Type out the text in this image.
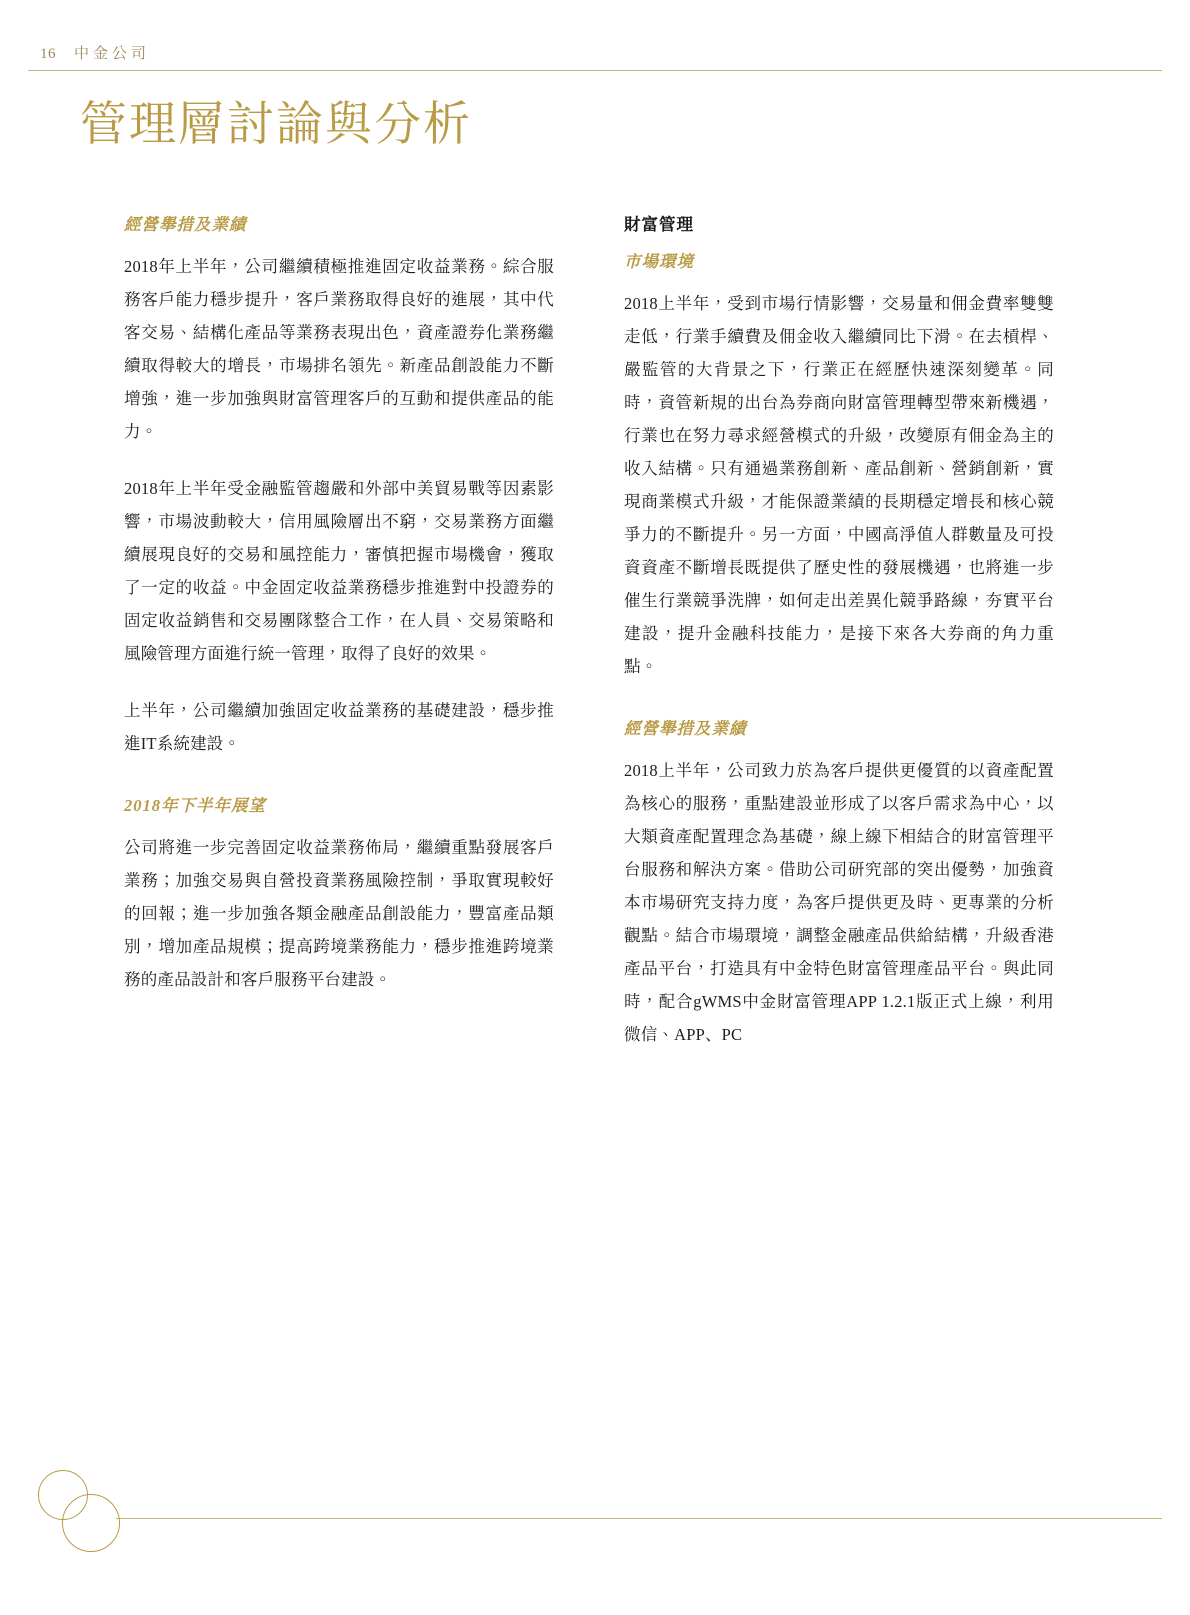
16 中金公司
管理層討論與分析
經營舉措及業績

2018年上半年，公司繼續積極推進固定收益業務。綜合服務客戶能力穩步提升，客戶業務取得良好的進展，其中代客交易、結構化產品等業務表現出色，資產證券化業務繼續取得較大的增長，市場排名領先。新產品創設能力不斷增強，進一步加強與財富管理客戶的互動和提供產品的能力。

2018年上半年受金融監管趨嚴和外部中美貿易戰等因素影響，市場波動較大，信用風險層出不窮，交易業務方面繼續展現良好的交易和風控能力，審慎把握市場機會，獲取了一定的收益。中金固定收益業務穩步推進對中投證券的固定收益銷售和交易團隊整合工作，在人員、交易策略和風險管理方面進行統一管理，取得了良好的效果。

上半年，公司繼續加強固定收益業務的基礎建設，穩步推進IT系統建設。

2018年下半年展望

公司將進一步完善固定收益業務佈局，繼續重點發展客戶業務；加強交易與自營投資業務風險控制，爭取實現較好的回報；進一步加強各類金融產品創設能力，豐富產品類別，增加產品規模；提高跨境業務能力，穩步推進跨境業務的產品設計和客戶服務平台建設。

財富管理
市場環境

2018上半年，受到市場行情影響，交易量和佣金費率雙雙走低，行業手續費及佣金收入繼續同比下滑。在去槓桿、嚴監管的大背景之下，行業正在經歷快速深刻變革。同時，資管新規的出台為券商向財富管理轉型帶來新機遇，行業也在努力尋求經營模式的升級，改變原有佣金為主的收入結構。只有通過業務創新、產品創新、營銷創新，實現商業模式升級，才能保證業績的長期穩定增長和核心競爭力的不斷提升。另一方面，中國高淨值人群數量及可投資資產不斷增長既提供了歷史性的發展機遇，也將進一步催生行業競爭洗牌，如何走出差異化競爭路線，夯實平台建設，提升金融科技能力，是接下來各大券商的角力重點。

經營舉措及業績

2018上半年，公司致力於為客戶提供更優質的以資產配置為核心的服務，重點建設並形成了以客戶需求為中心，以大類資產配置理念為基礎，線上線下相結合的財富管理平台服務和解決方案。借助公司研究部的突出優勢，加強資本市場研究支持力度，為客戶提供更及時、更專業的分析觀點。結合市場環境，調整金融產品供給結構，升級香港產品平台，打造具有中金特色財富管理產品平台。與此同時，配合gWMS中金財富管理APP 1.2.1版正式上線，利用微信、APP、PC
